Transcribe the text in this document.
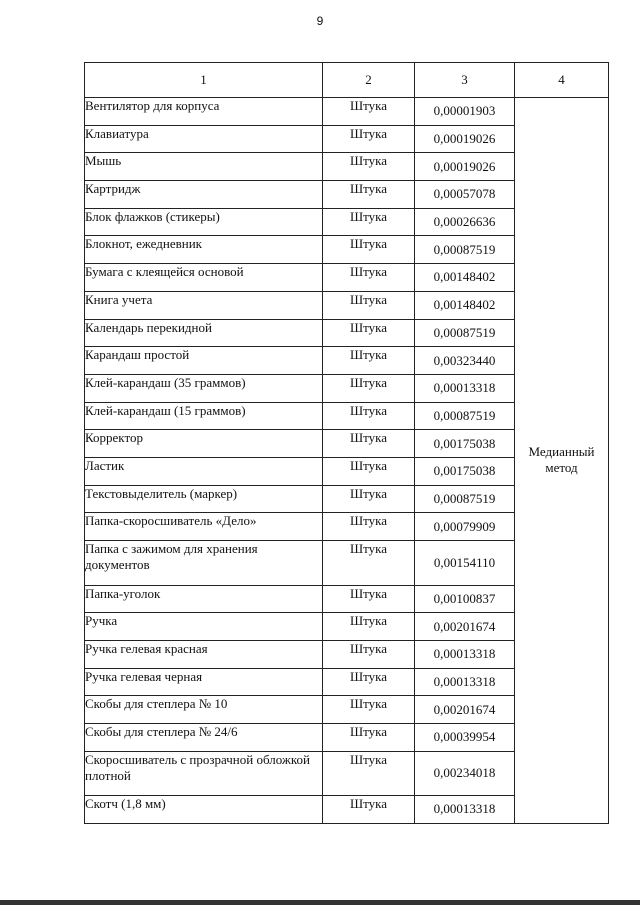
9
1	2	3	4
Вентилятор для корпуса	Штука	0,00001903	Медианный
метод

Клавиатура	Штука	0,00019026	
Мышь	Штука	0,00019026	
Картридж	Штука	0,00057078	
Блок флажков (стикеры)	Штука	0,00026636	
Блокнот, ежедневник	Штука	0,00087519	
Бумага с клеящейся основой	Штука	0,00148402	
Книга учета	Штука	0,00148402	
Календарь перекидной	Штука	0,00087519	
Карандаш простой	Штука	0,00323440	
Клей-карандаш (35 граммов)	Штука	0,00013318	
Клей-карандаш (15 граммов)	Штука	0,00087519	
Корректор	Штука	0,00175038	
Ластик	Штука	0,00175038	
Текстовыделитель (маркер)	Штука	0,00087519	
Папка-скоросшиватель «Дело»	Штука	0,00079909	
Папка с зажимом для хранения документов	Штука	0,00154110	
Папка-уголок	Штука	0,00100837	
Ручка	Штука	0,00201674	
Ручка гелевая красная	Штука	0,00013318	
Ручка гелевая черная	Штука	0,00013318	
Скобы для степлера № 10	Штука	0,00201674	
Скобы для степлера № 24/6	Штука	0,00039954	
Скоросшиватель с прозрачной обложкой плотной	Штука	0,00234018	
Скотч (1,8 мм)	Штука	0,00013318	
